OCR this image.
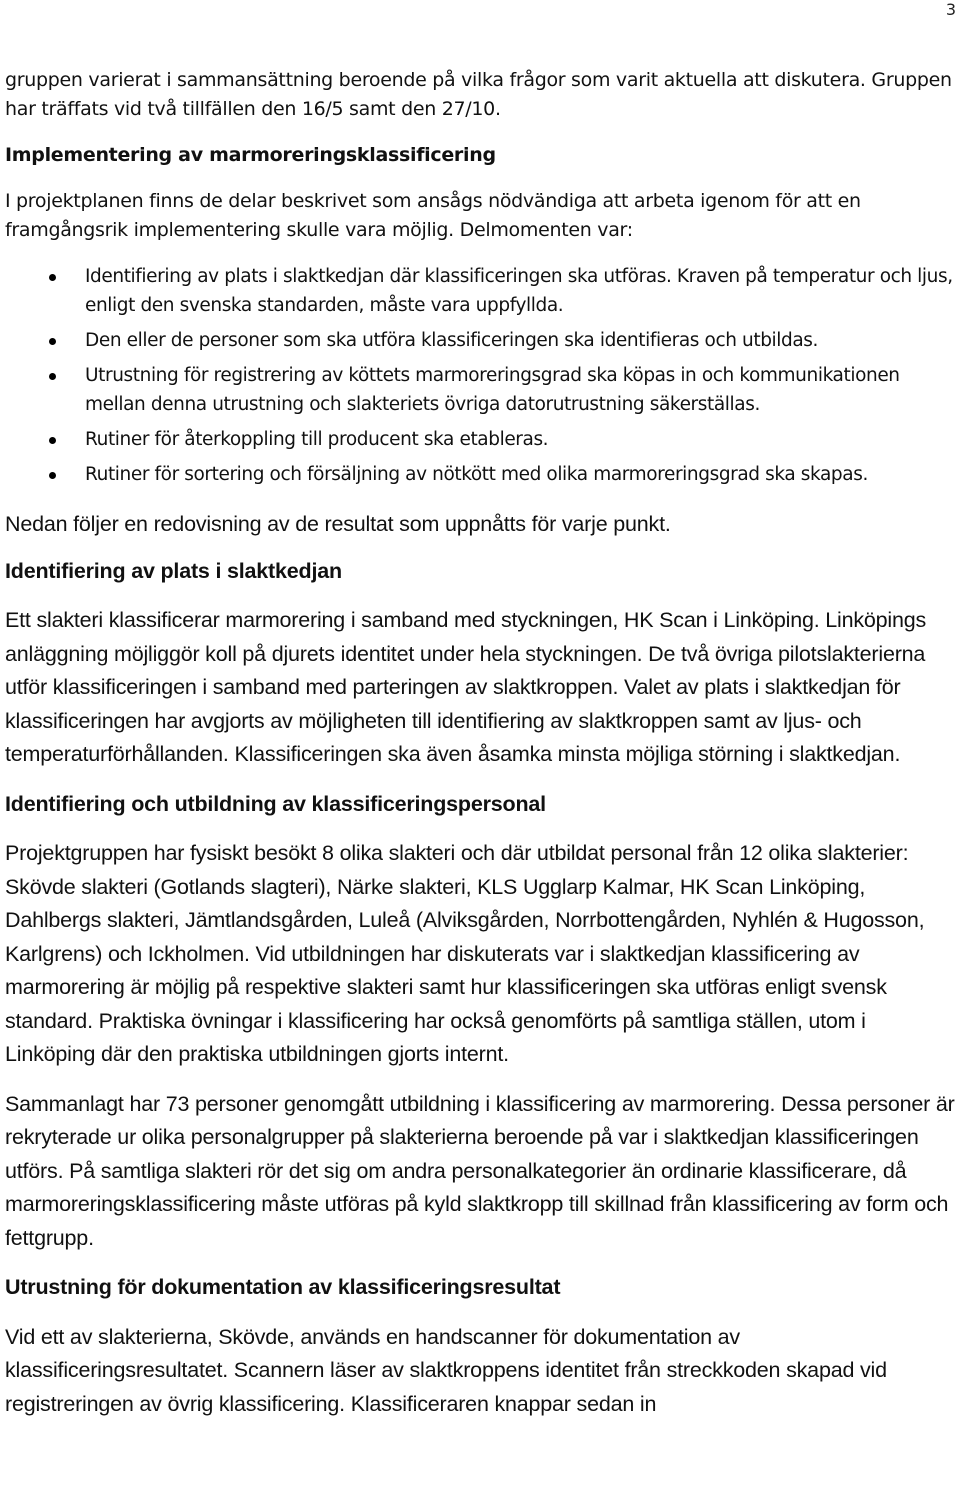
3

gruppen varierat i sammansättning beroende på vilka frågor som varit aktuella att diskutera. Gruppen har träffats vid två tillfällen den 16/5 samt den 27/10.

Implementering av marmoreringsklassificering

I projektplanen finns de delar beskrivet som ansågs nödvändiga att arbeta igenom för att en framgångsrik implementering skulle vara möjlig. Delmomenten var:

Identifiering av plats i slaktkedjan där klassificeringen ska utföras. Kraven på temperatur och ljus, enligt den svenska standarden, måste vara uppfyllda.
Den eller de personer som ska utföra klassificeringen ska identifieras och utbildas.
Utrustning för registrering av köttets marmoreringsgrad ska köpas in och kommunikationen mellan denna utrustning och slakteriets övriga datorutrustning säkerställas.
Rutiner för återkoppling till producent ska etableras.
Rutiner för sortering och försäljning av nötkött med olika marmoreringsgrad ska skapas.

Nedan följer en redovisning av de resultat som uppnåtts för varje punkt.

Identifiering av plats i slaktkedjan

Ett slakteri klassificerar marmorering i samband med styckningen, HK Scan i Linköping. Linköpings anläggning möjliggör koll på djurets identitet under hela styckningen. De två övriga pilotslakterierna utför klassificeringen i samband med parteringen av slaktkroppen. Valet av plats i slaktkedjan för klassificeringen har avgjorts av möjligheten till identifiering av slaktkroppen samt av ljus- och temperaturförhållanden. Klassificeringen ska även åsamka minsta möjliga störning i slaktkedjan.

Identifiering och utbildning av klassificeringspersonal

Projektgruppen har fysiskt besökt 8 olika slakteri och där utbildat personal från 12 olika slakterier: Skövde slakteri (Gotlands slagteri), Närke slakteri, KLS Ugglarp Kalmar, HK Scan Linköping, Dahlbergs slakteri, Jämtlandsgården, Luleå (Alviksgården, Norrbottengården, Nyhlén & Hugosson, Karlgrens) och Ickholmen. Vid utbildningen har diskuterats var i slaktkedjan klassificering av marmorering är möjlig på respektive slakteri samt hur klassificeringen ska utföras enligt svensk standard. Praktiska övningar i klassificering har också genomförts på samtliga ställen, utom i Linköping där den praktiska utbildningen gjorts internt.

Sammanlagt har 73 personer genomgått utbildning i klassificering av marmorering. Dessa personer är rekryterade ur olika personalgrupper på slakterierna beroende på var i slaktkedjan klassificeringen utförs. På samtliga slakteri rör det sig om andra personalkategorier än ordinarie klassificerare, då marmoreringsklassificering måste utföras på kyld slaktkropp till skillnad från klassificering av form och fettgrupp.

Utrustning för dokumentation av klassificeringsresultat

Vid ett av slakterierna, Skövde, används en handscanner för dokumentation av klassificeringsresultatet. Scannern läser av slaktkroppens identitet från streckkoden skapad vid registreringen av övrig klassificering. Klassificeraren knappar sedan in
